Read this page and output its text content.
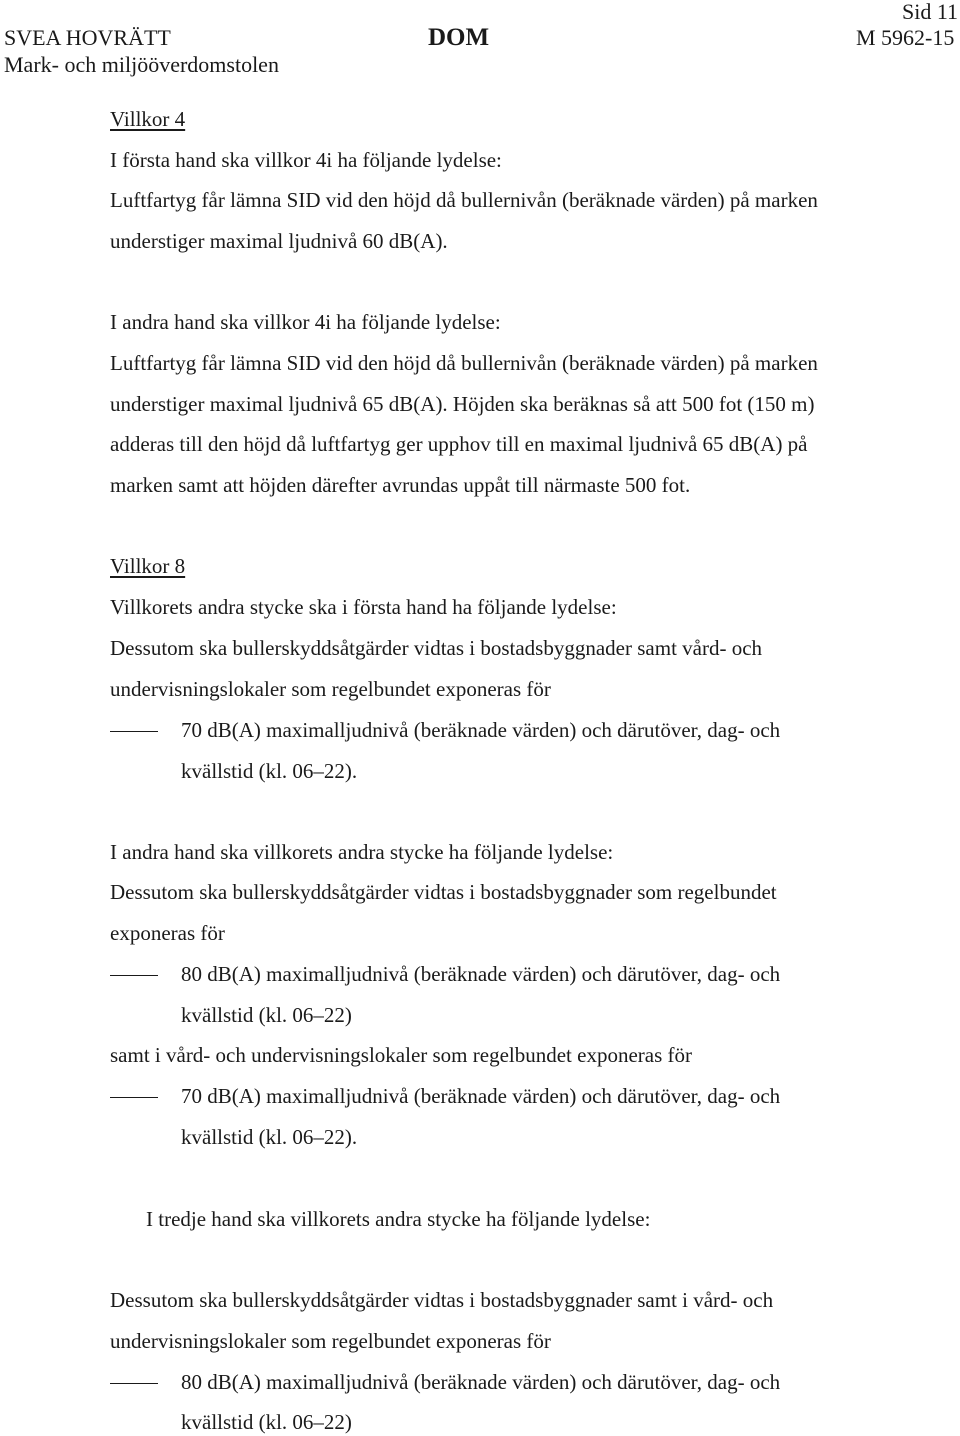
SVEA HOVRÄTT
Mark- och miljööverdomstolen
DOM
Sid 11
M 5962-15
Villkor 4
I första hand ska villkor 4i ha följande lydelse:
Luftfartyg får lämna SID vid den höjd då bullernivån (beräknade värden) på marken
understiger maximal ljudnivå 60 dB(A).
I andra hand ska villkor 4i ha följande lydelse:
Luftfartyg får lämna SID vid den höjd då bullernivån (beräknade värden) på marken
understiger maximal ljudnivå 65 dB(A). Höjden ska beräknas så att 500 fot (150 m)
adderas till den höjd då luftfartyg ger upphov till en maximal ljudnivå 65 dB(A) på
marken samt att höjden därefter avrundas uppåt till närmaste 500 fot.
Villkor 8
Villkorets andra stycke ska i första hand ha följande lydelse:
Dessutom ska bullerskyddsåtgärder vidtas i bostadsbyggnader samt vård- och
undervisningslokaler som regelbundet exponeras för
70 dB(A) maximalljudnivå (beräknade värden) och därutöver, dag- och
kvällstid (kl. 06–22).
I andra hand ska villkorets andra stycke ha följande lydelse:
Dessutom ska bullerskyddsåtgärder vidtas i bostadsbyggnader som regelbundet
exponeras för
80 dB(A) maximalljudnivå (beräknade värden) och därutöver, dag- och
kvällstid (kl. 06–22)
samt i vård- och undervisningslokaler som regelbundet exponeras för
70 dB(A) maximalljudnivå (beräknade värden) och därutöver, dag- och
kvällstid (kl. 06–22).
I tredje hand ska villkorets andra stycke ha följande lydelse:
Dessutom ska bullerskyddsåtgärder vidtas i bostadsbyggnader samt i vård- och
undervisningslokaler som regelbundet exponeras för
80 dB(A) maximalljudnivå (beräknade värden) och därutöver, dag- och
kvällstid (kl. 06–22)
